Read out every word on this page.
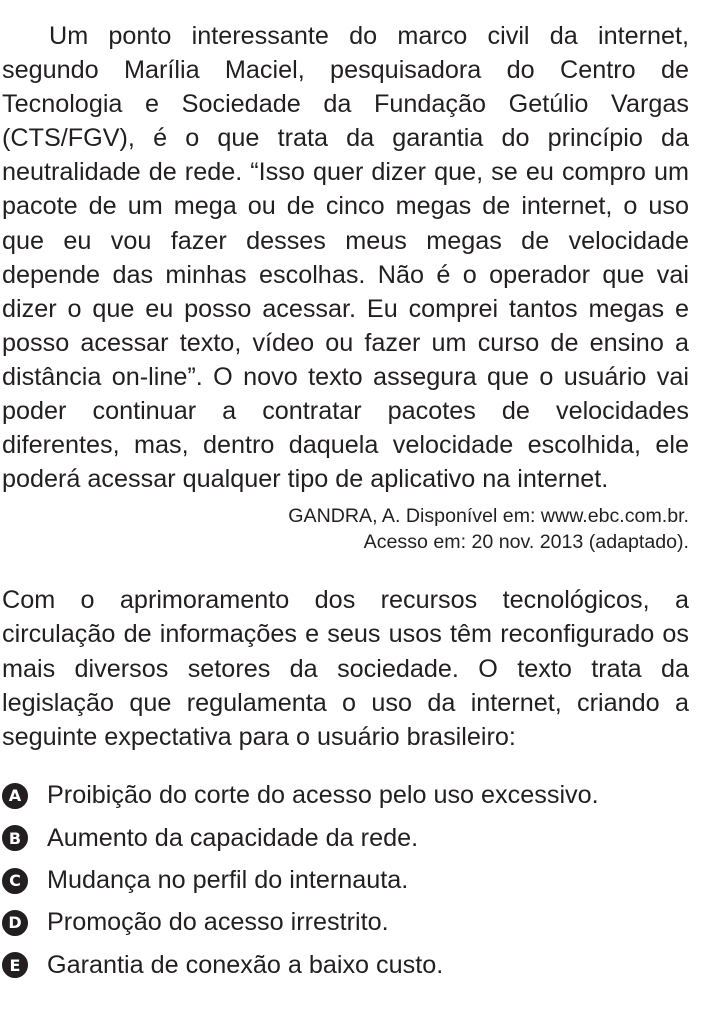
Um ponto interessante do marco civil da internet, segundo Marília Maciel, pesquisadora do Centro de Tecnologia e Sociedade da Fundação Getúlio Vargas (CTS/FGV), é o que trata da garantia do princípio da neutralidade de rede. “Isso quer dizer que, se eu compro um pacote de um mega ou de cinco megas de internet, o uso que eu vou fazer desses meus megas de velocidade depende das minhas escolhas. Não é o operador que vai dizer o que eu posso acessar. Eu comprei tantos megas e posso acessar texto, vídeo ou fazer um curso de ensino a distância on-line”. O novo texto assegura que o usuário vai poder continuar a contratar pacotes de velocidades diferentes, mas, dentro daquela velocidade escolhida, ele poderá acessar qualquer tipo de aplicativo na internet.

GANDRA, A. Disponível em: www.ebc.com.br.
Acesso em: 20 nov. 2013 (adaptado).

Com o aprimoramento dos recursos tecnológicos, a circulação de informações e seus usos têm reconfigurado os mais diversos setores da sociedade. O texto trata da legislação que regulamenta o uso da internet, criando a seguinte expectativa para o usuário brasileiro:

A Proibição do corte do acesso pelo uso excessivo.
B Aumento da capacidade da rede.
C Mudança no perfil do internauta.
D Promoção do acesso irrestrito.
E Garantia de conexão a baixo custo.
